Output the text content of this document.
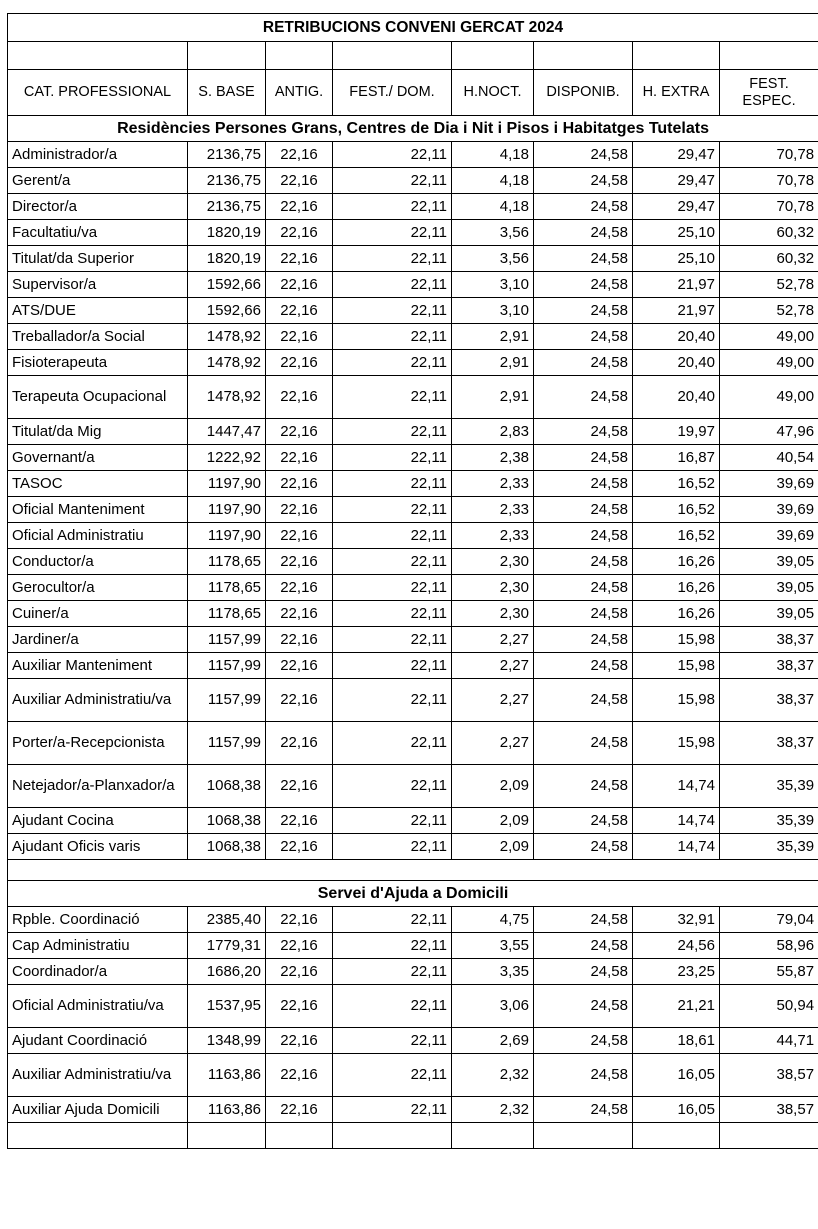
RETRIBUCIONS CONVENI GERCAT 2024							

CAT. PROFESSIONAL	S. BASE	ANTIG.	FEST./ DOM.	H.NOCT.	DISPONIB.	H. EXTRA	FEST. ESPEC.
Residències Persones Grans, Centres de Dia i Nit i Pisos i Habitatges Tutelats							
Administrador/a	2136,75	22,16	22,11	4,18	24,58	29,47	70,78
Gerent/a	2136,75	22,16	22,11	4,18	24,58	29,47	70,78
Director/a	2136,75	22,16	22,11	4,18	24,58	29,47	70,78
Facultatiu/va	1820,19	22,16	22,11	3,56	24,58	25,10	60,32
Titulat/da Superior	1820,19	22,16	22,11	3,56	24,58	25,10	60,32
Supervisor/a	1592,66	22,16	22,11	3,10	24,58	21,97	52,78
ATS/DUE	1592,66	22,16	22,11	3,10	24,58	21,97	52,78
Treballador/a Social	1478,92	22,16	22,11	2,91	24,58	20,40	49,00
Fisioterapeuta	1478,92	22,16	22,11	2,91	24,58	20,40	49,00
Terapeuta Ocupacional	1478,92	22,16	22,11	2,91	24,58	20,40	49,00
Titulat/da Mig	1447,47	22,16	22,11	2,83	24,58	19,97	47,96
Governant/a	1222,92	22,16	22,11	2,38	24,58	16,87	40,54
TASOC	1197,90	22,16	22,11	2,33	24,58	16,52	39,69
Oficial Manteniment	1197,90	22,16	22,11	2,33	24,58	16,52	39,69
Oficial Administratiu	1197,90	22,16	22,11	2,33	24,58	16,52	39,69
Conductor/a	1178,65	22,16	22,11	2,30	24,58	16,26	39,05
Gerocultor/a	1178,65	22,16	22,11	2,30	24,58	16,26	39,05
Cuiner/a	1178,65	22,16	22,11	2,30	24,58	16,26	39,05
Jardiner/a	1157,99	22,16	22,11	2,27	24,58	15,98	38,37
Auxiliar Manteniment	1157,99	22,16	22,11	2,27	24,58	15,98	38,37
Auxiliar Administratiu/va	1157,99	22,16	22,11	2,27	24,58	15,98	38,37
Porter/a-Recepcionista	1157,99	22,16	22,11	2,27	24,58	15,98	38,37
Netejador/a-Planxador/a	1068,38	22,16	22,11	2,09	24,58	14,74	35,39
Ajudant Cocina	1068,38	22,16	22,11	2,09	24,58	14,74	35,39
Ajudant Oficis varis	1068,38	22,16	22,11	2,09	24,58	14,74	35,39

Servei d'Ajuda a Domicili							
Rpble. Coordinació	2385,40	22,16	22,11	4,75	24,58	32,91	79,04
Cap Administratiu	1779,31	22,16	22,11	3,55	24,58	24,56	58,96
Coordinador/a	1686,20	22,16	22,11	3,35	24,58	23,25	55,87
Oficial Administratiu/va	1537,95	22,16	22,11	3,06	24,58	21,21	50,94
Ajudant Coordinació	1348,99	22,16	22,11	2,69	24,58	18,61	44,71
Auxiliar Administratiu/va	1163,86	22,16	22,11	2,32	24,58	16,05	38,57
Auxiliar Ajuda Domicili	1163,86	22,16	22,11	2,32	24,58	16,05	38,57
